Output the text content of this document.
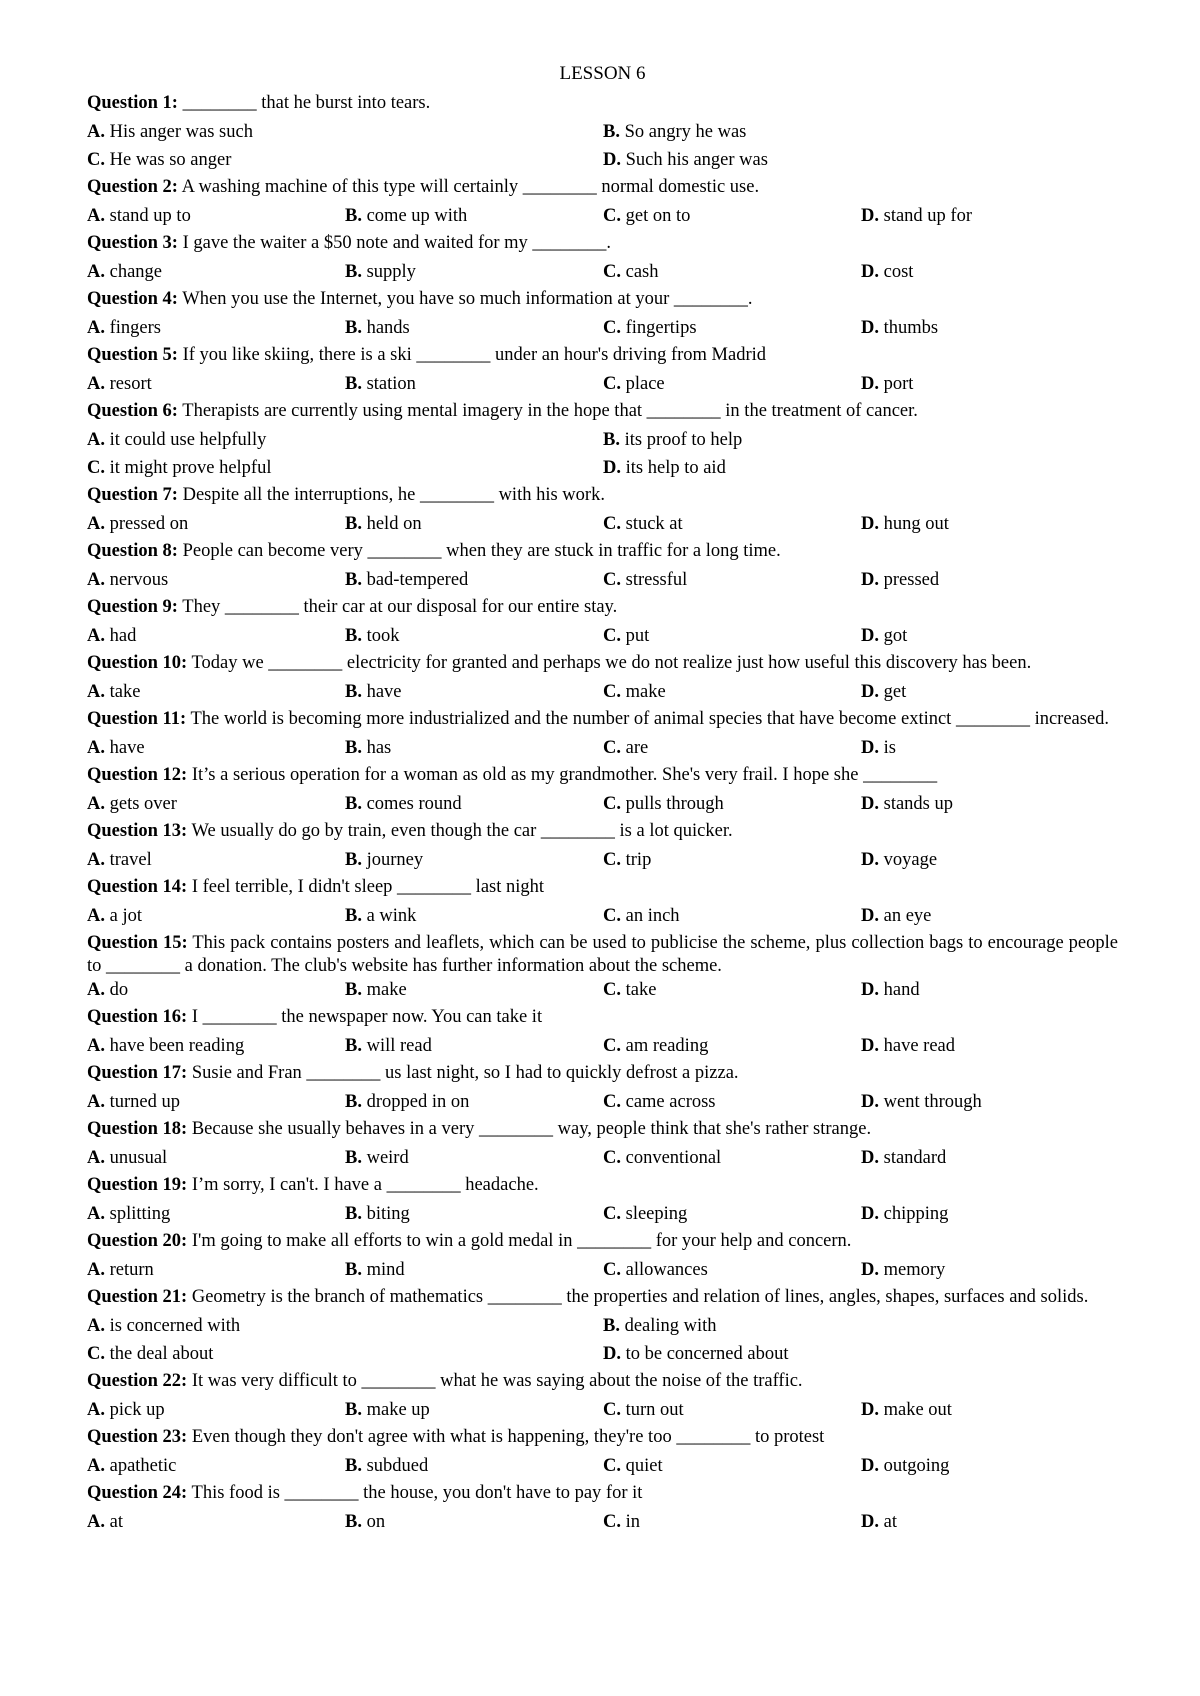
LESSON 6
Question 1: ________ that he burst into tears.
A. His anger was such	B. So angry he was
C. He was so anger	D. Such his anger was
Question 2: A washing machine of this type will certainly ________ normal domestic use.
A. stand up to	B. come up with	C. get on to	D. stand up for
Question 3: I gave the waiter a $50 note and waited for my ________.
A. change	B. supply	C. cash	D. cost
Question 4: When you use the Internet, you have so much information at your ________.
A. fingers	B. hands	C. fingertips	D. thumbs
Question 5: If you like skiing, there is a ski ________ under an hour's driving from Madrid
A. resort	B. station	C. place	D. port
Question 6: Therapists are currently using mental imagery in the hope that ________ in the treatment of cancer.
A. it could use helpfully	B. its proof to help
C. it might prove helpful	D. its help to aid
Question 7: Despite all the interruptions, he ________ with his work.
A. pressed on	B. held on	C. stuck at	D. hung out
Question 8: People can become very ________ when they are stuck in traffic for a long time.
A. nervous	B. bad-tempered	C. stressful	D. pressed
Question 9: They ________ their car at our disposal for our entire stay.
A. had	B. took	C. put	D. got
Question 10: Today we ________ electricity for granted and perhaps we do not realize just how useful this discovery has been.
A. take	B. have	C. make	D. get
Question 11: The world is becoming more industrialized and the number of animal species that have become extinct ________ increased.
A. have	B. has	C. are	D. is
Question 12: It’s a serious operation for a woman as old as my grandmother. She's very frail. I hope she ________
A. gets over	B. comes round	C. pulls through	D. stands up
Question 13: We usually do go by train, even though the car ________ is a lot quicker.
A. travel	B. journey	C. trip	D. voyage
Question 14: I feel terrible, I didn't sleep ________ last night
A. a jot	B. a wink	C. an inch	D. an eye
Question 15: This pack contains posters and leaflets, which can be used to publicise the scheme, plus collection bags to encourage people to ________ a donation. The club's website has further information about the scheme.
A. do	B. make	C. take	D. hand
Question 16: I ________ the newspaper now. You can take it
A. have been reading	B. will read	C. am reading	D. have read
Question 17: Susie and Fran ________ us last night, so I had to quickly defrost a pizza.
A. turned up	B. dropped in on	C. came across	D. went through
Question 18: Because she usually behaves in a very ________ way, people think that she's rather strange.
A. unusual	B. weird	C. conventional	D. standard
Question 19: I’m sorry, I can't. I have a ________ headache.
A. splitting	B. biting	C. sleeping	D. chipping
Question 20: I'm going to make all efforts to win a gold medal in ________ for your help and concern.
A. return	B. mind	C. allowances	D. memory
Question 21: Geometry is the branch of mathematics ________ the properties and relation of lines, angles, shapes, surfaces and solids.
A. is concerned with	B. dealing with
C. the deal about	D. to be concerned about
Question 22: It was very difficult to ________ what he was saying about the noise of the traffic.
A. pick up	B. make up	C. turn out	D. make out
Question 23: Even though they don't agree with what is happening, they're too ________ to protest
A. apathetic	B. subdued	C. quiet	D. outgoing
Question 24: This food is ________ the house, you don't have to pay for it
A. at	B. on	C. in	D. at
